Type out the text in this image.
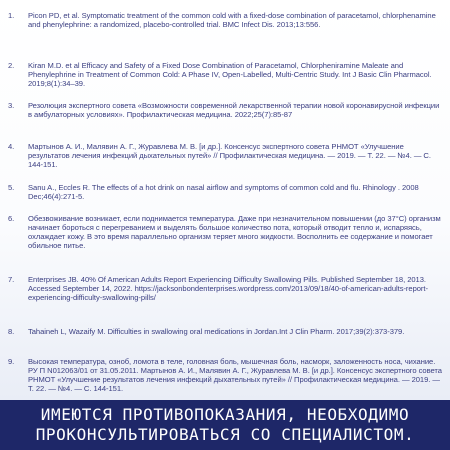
1.	Picon PD, et al. Symptomatic treatment of the common cold with a fixed-dose combination of paracetamol, chlorphenamine and phenylephrine: a randomized, placebo-controlled trial. BMC Infect Dis. 2013;13:556.
2.	Kiran M.D. et al Efficacy and Safety of a Fixed Dose Combination of Paracetamol, Chlorpheniramine Maleate and Phenylephrine in Treatment of Common Cold: A Phase IV, Open-Labelled, Multi-Centric Study. Int J Basic Clin Pharmacol. 2019;8(1):34–39.
3.	Резолюция экспертного совета «Возможности современной лекарственной терапии новой коронавирусной инфекции в амбулаторных условиях». Профилактическая медицина. 2022;25(7):85-87
4.	Мартынов А. И., Малявин А. Г., Журавлева М. В. [и др.]. Консенсус экспертного совета РНМОТ «Улучшение результатов лечения инфекций дыхательных путей» // Профилактическая медицина. — 2019. — Т. 22. — №4. — С. 144-151.
5.	Sanu A., Eccles R. The effects of a hot drink on nasal airflow and symptoms of common cold and flu. Rhinology . 2008 Dec;46(4):271-5.
6.	Обезвоживание возникает, если поднимается температура. Даже при незначительном повышении (до 37°C) организм начинает бороться с перегреванием и выделять большое количество пота, который отводит тепло и, испаряясь, охлаждает кожу. В это время параллельно организм теряет много жидкости. Восполнить ее содержание и помогает обильное питье.
7.	Enterprises JB. 40% Of American Adults Report Experiencing Difficulty Swallowing Pills. Published September 18, 2013. Accessed September 14, 2022. https://jacksonbondenterprises.wordpress.com/2013/09/18/40-of-american-adults-report-experiencing-difficulty-swallowing-pills/
8.	Tahaineh L, Wazaify M. Difficulties in swallowing oral medications in Jordan.Int J Clin Pharm. 2017;39(2):373-379.
9.	Высокая температура, озноб, ломота в теле, головная боль, мышечная боль, насморк, заложенность носа, чихание. РУ П N012063/01 от 31.05.2011. Мартынов А. И., Малявин А. Г., Журавлева М. В. [и др.]. Консенсус экспертного совета РНМОТ «Улучшение результатов лечения инфекций дыхательных путей» // Профилактическая медицина. — 2019. — Т. 22. — №4. — С. 144-151.
ИМЕЮТСЯ ПРОТИВОПОКАЗАНИЯ, НЕОБХОДИМО
ПРОКОНСУЛЬТИРОВАТЬСЯ СО СПЕЦИАЛИСТОМ.
